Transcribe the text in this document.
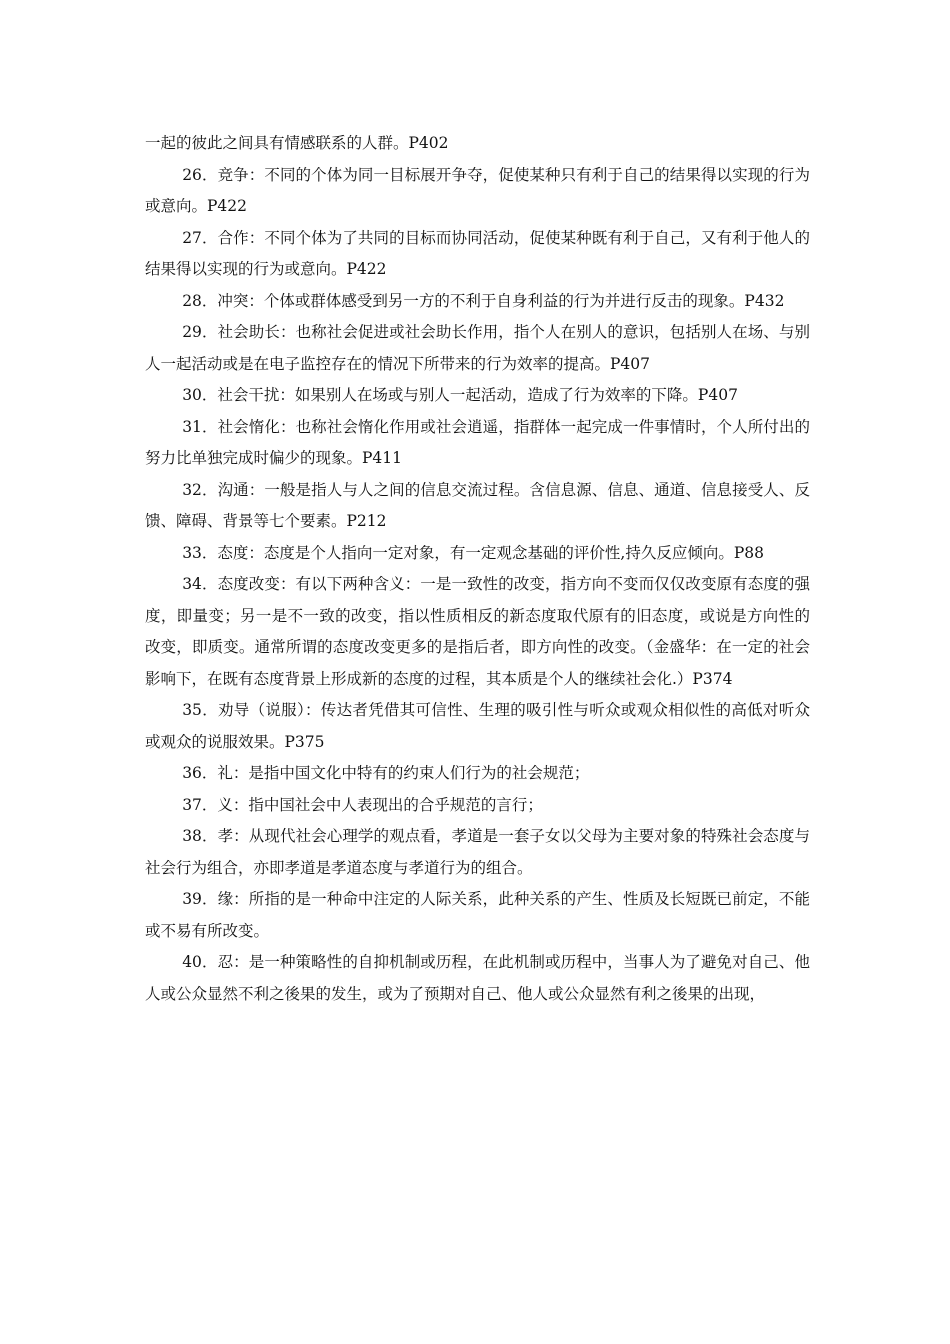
一起的彼此之间具有情感联系的人群。P402

26．竞争：不同的个体为同一目标展开争夺，促使某种只有利于自己的结果得以实现的行为或意向。P422

27．合作：不同个体为了共同的目标而协同活动，促使某种既有利于自己，又有利于他人的结果得以实现的行为或意向。P422

28．冲突：个体或群体感受到另一方的不利于自身利益的行为并进行反击的现象。P432

29．社会助长：也称社会促进或社会助长作用，指个人在别人的意识，包括别人在场、与别人一起活动或是在电子监控存在的情况下所带来的行为效率的提高。P407

30．社会干扰：如果别人在场或与别人一起活动，造成了行为效率的下降。P407

31．社会惰化：也称社会惰化作用或社会逍遥，指群体一起完成一件事情时，个人所付出的努力比单独完成时偏少的现象。P411

32．沟通：一般是指人与人之间的信息交流过程。含信息源、信息、通道、信息接受人、反馈、障碍、背景等七个要素。P212

33．态度：态度是个人指向一定对象，有一定观念基础的评价性,持久反应倾向。P88

34．态度改变：有以下两种含义：一是一致性的改变，指方向不变而仅仅改变原有态度的强度，即量变；另一是不一致的改变，指以性质相反的新态度取代原有的旧态度，或说是方向性的改变，即质变。通常所谓的态度改变更多的是指后者，即方向性的改变。（金盛华：在一定的社会影响下，在既有态度背景上形成新的态度的过程，其本质是个人的继续社会化.）P374

35．劝导（说服）：传达者凭借其可信性、生理的吸引性与听众或观众相似性的高低对听众或观众的说服效果。P375

36．礼：是指中国文化中特有的约束人们行为的社会规范；

37．义：指中国社会中人表现出的合乎规范的言行；

38．孝：从现代社会心理学的观点看，孝道是一套子女以父母为主要对象的特殊社会态度与社会行为组合，亦即孝道是孝道态度与孝道行为的组合。

39．缘：所指的是一种命中注定的人际关系，此种关系的产生、性质及长短既已前定，不能或不易有所改变。

40．忍：是一种策略性的自抑机制或历程，在此机制或历程中，当事人为了避免对自己、他人或公众显然不利之後果的发生，或为了预期对自己、他人或公众显然有利之後果的出现，
